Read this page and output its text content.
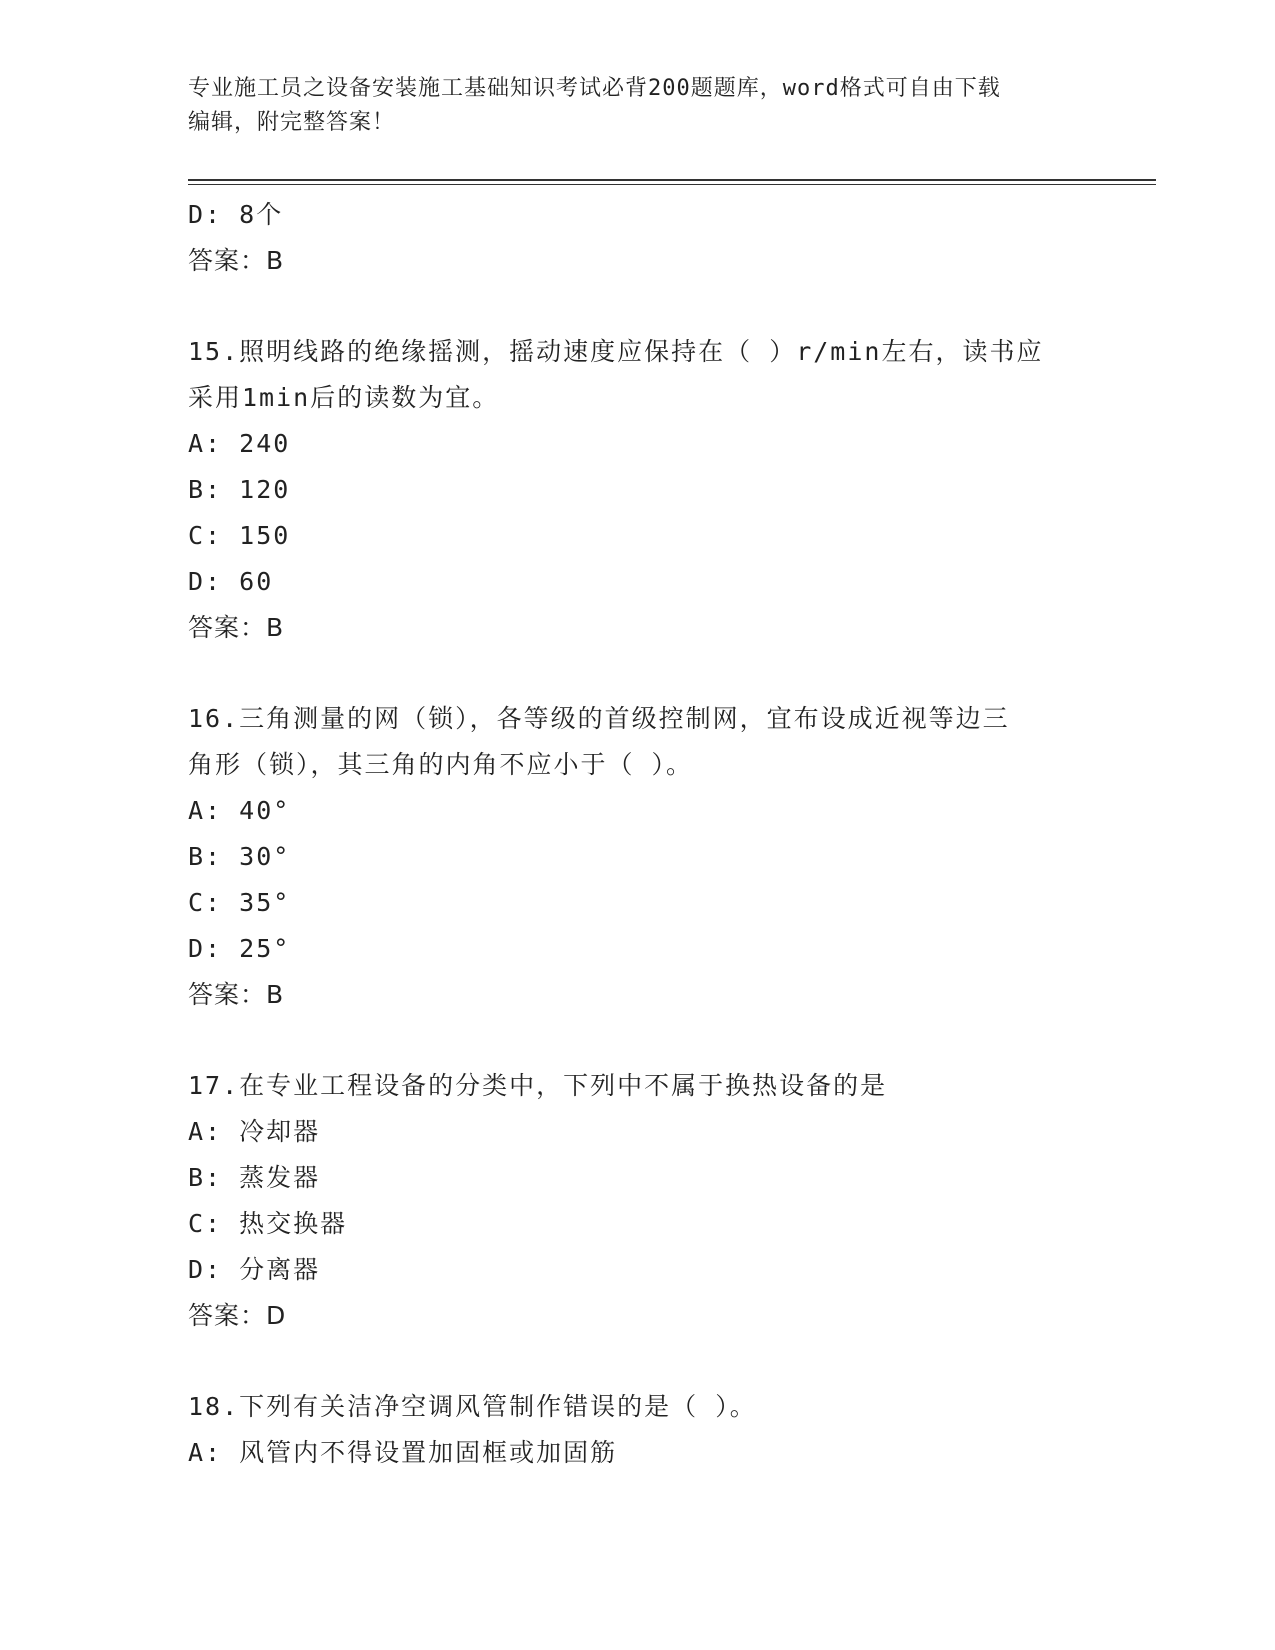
专业施工员之设备安装施工基础知识考试必背200题题库，word格式可自由下载
编辑，附完整答案！
D: 8个
答案：B
15.照明线路的绝缘摇测，摇动速度应保持在（ ）r/min左右，读书应
采用1min后的读数为宜。
A: 240
B: 120
C: 150
D: 60
答案：B
16.三角测量的网（锁），各等级的首级控制网，宜布设成近视等边三
角形（锁），其三角的内角不应小于（ ）。
A: 40°
B: 30°
C: 35°
D: 25°
答案：B
17.在专业工程设备的分类中，下列中不属于换热设备的是
A: 冷却器
B: 蒸发器
C: 热交换器
D: 分离器
答案：D
18.下列有关洁净空调风管制作错误的是（ ）。
A: 风管内不得设置加固框或加固筋
